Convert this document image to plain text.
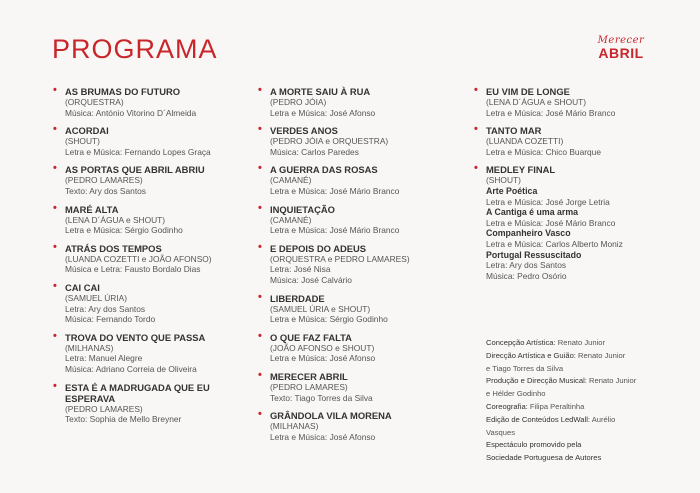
PROGRAMA	Merecer
ABRIL
• AS BRUMAS DO FUTURO
(ORQUESTRA)
Música: António Vitorino D´Almeida
• ACORDAI
(SHOUT)
Letra e Música: Fernando Lopes Graça
• AS PORTAS QUE ABRIL ABRIU
(PEDRO LAMARES)
Texto: Ary dos Santos
• MARÉ ALTA
(LENA D´ÁGUA e SHOUT)
Letra e Música: Sérgio Godinho
• ATRÁS DOS TEMPOS
(LUANDA COZETTI e JOÃO AFONSO)
Música e Letra: Fausto Bordalo Dias
• CAI CAI
(SAMUEL ÚRIA)
Letra: Ary dos Santos
Música: Fernando Tordo
• TROVA DO VENTO QUE PASSA
(MILHANAS)
Letra: Manuel Alegre
Música: Adriano Correia de Oliveira
• ESTA É A MADRUGADA QUE EU ESPERAVA
(PEDRO LAMARES)
Texto: Sophia de Mello Breyner
• A MORTE SAIU À RUA
(PEDRO JÓIA)
Letra e Música: José Afonso
• VERDES ANOS
(PEDRO JÓIA e ORQUESTRA)
Música: Carlos Paredes
• A GUERRA DAS ROSAS
(CAMANÉ)
Letra e Música: José Mário Branco
• INQUIETAÇÃO
(CAMANÉ)
Letra e Música: José Mário Branco
• E DEPOIS DO ADEUS
(ORQUESTRA e PEDRO LAMARES)
Letra: José Nisa
Música: José Calvário
• LIBERDADE
(SAMUEL ÚRIA e SHOUT)
Letra e Música: Sérgio Godinho
• O QUE FAZ FALTA
(JOÃO AFONSO e SHOUT)
Letra e Música: José Afonso
• MERECER ABRIL
(PEDRO LAMARES)
Texto: Tiago Torres da Silva
• GRÂNDOLA VILA MORENA
(MILHANAS)
Letra e Música: José Afonso
• EU VIM DE LONGE
(LENA D´ÁGUA e SHOUT)
Letra e Música: José Mário Branco
• TANTO MAR
(LUANDA COZETTI)
Letra e Música: Chico Buarque
• MEDLEY FINAL
(SHOUT)
Arte Poética
Letra e Música: José Jorge Letria
A Cantiga é uma arma
Letra e Música: José Mário Branco
Companheiro Vasco
Letra e Música: Carlos Alberto Moniz
Portugal Ressuscitado
Letra: Ary dos Santos
Música: Pedro Osório
Concepção Artística: Renato Junior
Direcção Artística e Guião: Renato Junior
e Tiago Torres da Silva
Produção e Direcção Musical: Renato Junior
e Hélder Godinho
Coreografia: Filipa Peraltinha
Edição de Conteúdos LedWall: Aurélio
Vasques
Espectáculo promovido pela
Sociedade Portuguesa de Autores
